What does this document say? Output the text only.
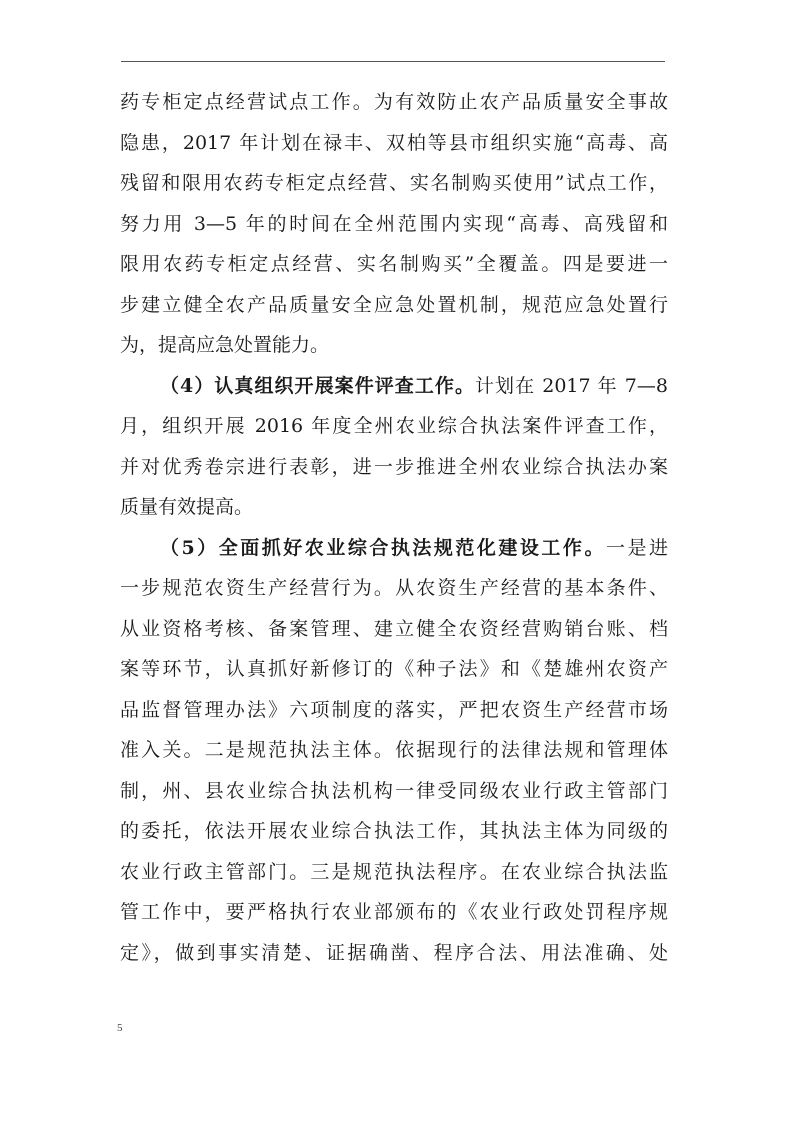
药专柜定点经营试点工作。为有效防止农产品质量安全事故
隐患，2017 年计划在禄丰、双柏等县市组织实施“高毒、高
残留和限用农药专柜定点经营、实名制购买使用”试点工作，
努力用 3—5 年的时间在全州范围内实现“高毒、高残留和
限用农药专柜定点经营、实名制购买”全覆盖。四是要进一
步建立健全农产品质量安全应急处置机制，规范应急处置行
为，提高应急处置能力。
（4）认真组织开展案件评查工作。计划在 2017 年 7—8
月，组织开展 2016 年度全州农业综合执法案件评查工作，
并对优秀卷宗进行表彰，进一步推进全州农业综合执法办案
质量有效提高。
（5）全面抓好农业综合执法规范化建设工作。一是进
一步规范农资生产经营行为。从农资生产经营的基本条件、
从业资格考核、备案管理、建立健全农资经营购销台账、档
案等环节，认真抓好新修订的《种子法》和《楚雄州农资产
品监督管理办法》六项制度的落实，严把农资生产经营市场
准入关。二是规范执法主体。依据现行的法律法规和管理体
制，州、县农业综合执法机构一律受同级农业行政主管部门
的委托，依法开展农业综合执法工作，其执法主体为同级的
农业行政主管部门。三是规范执法程序。在农业综合执法监
管工作中，要严格执行农业部颁布的《农业行政处罚程序规
定》，做到事实清楚、证据确凿、程序合法、用法准确、处
5
